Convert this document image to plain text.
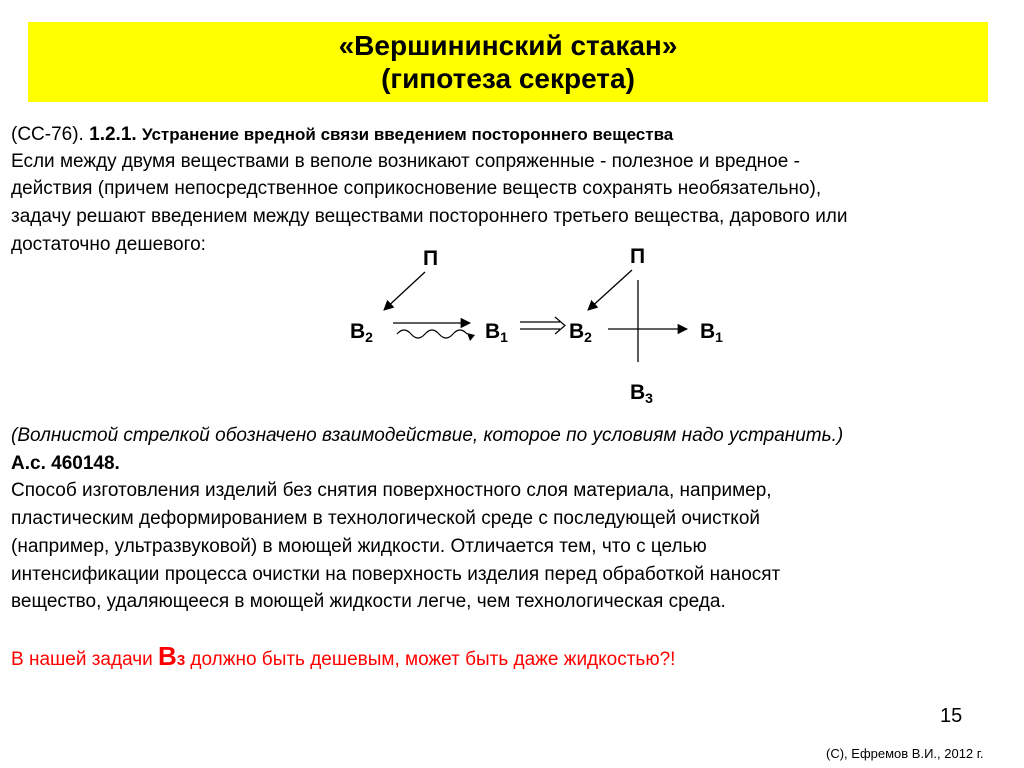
«Вершининский стакан»
(гипотеза секрета)
(СС-76). 1.2.1. Устранение вредной связи введением постороннего вещества
Если между двумя веществами в веполе возникают сопряженные - полезное и вредное -
действия (причем непосредственное соприкосновение веществ сохранять необязательно),
задачу решают введением между веществами постороннего третьего вещества, дарового или
достаточно дешевого:
П
В2	В1	В2
П
В1
В3
(Волнистой стрелкой обозначено взаимодействие, которое по условиям надо устранить.)
А.с. 460148.
Способ изготовления изделий без снятия поверхностного слоя материала, например,
пластическим деформированием в технологической среде с последующей очисткой
(например, ультразвуковой) в моющей жидкости. Отличается тем, что с целью
интенсификации процесса очистки на поверхность изделия перед обработкой наносят
вещество, удаляющееся в моющей жидкости легче, чем технологическая среда.
В нашей задачи В3 должно быть дешевым, может быть даже жидкостью?!
15
(С), Ефремов В.И., 2012 г.
